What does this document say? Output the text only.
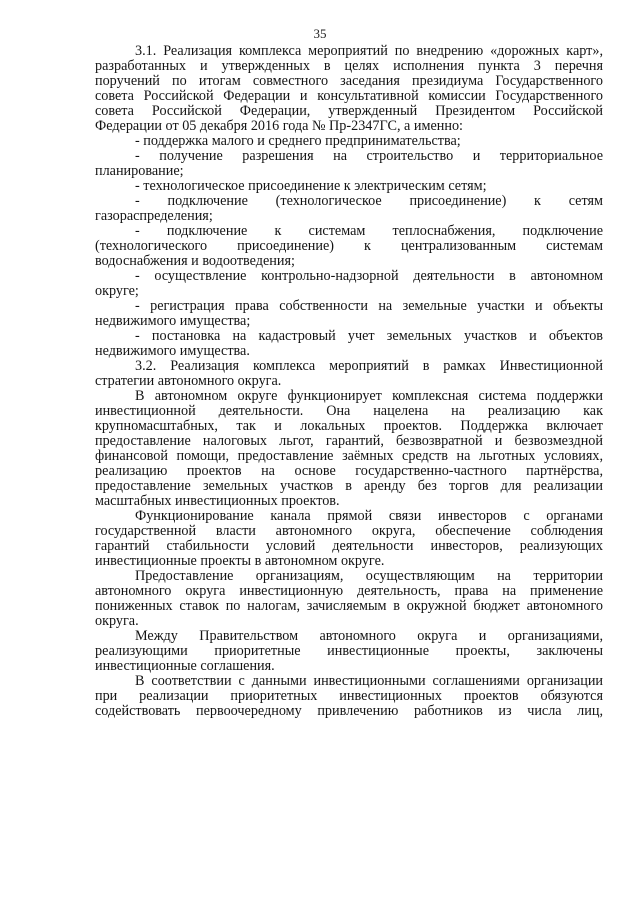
35
3.1. Реализация комплекса мероприятий по внедрению «дорожных карт»,
разработанных и утвержденных в целях исполнения пункта 3 перечня
поручений по итогам совместного заседания президиума Государственного
совета Российской Федерации и консультативной комиссии Государственного
совета Российской Федерации, утвержденный Президентом Российской
Федерации от 05 декабря 2016 года № Пр-2347ГС, а именно:
- поддержка малого и среднего предпринимательства;
- получение разрешения на строительство и территориальное
планирование;
- технологическое присоединение к электрическим сетям;
- подключение (технологическое присоединение) к сетям
газораспределения;
- подключение к системам теплоснабжения, подключение
(технологического присоединение) к централизованным системам
водоснабжения и водоотведения;
- осуществление контрольно-надзорной деятельности в автономном
округе;
- регистрация права собственности на земельные участки и объекты
недвижимого имущества;
- постановка на кадастровый учет земельных участков и объектов
недвижимого имущества.
3.2. Реализация комплекса мероприятий в рамках Инвестиционной
стратегии автономного округа.
В автономном округе функционирует комплексная система поддержки
инвестиционной деятельности. Она нацелена на реализацию как
крупномасштабных, так и локальных проектов. Поддержка включает
предоставление налоговых льгот, гарантий, безвозвратной и безвозмездной
финансовой помощи, предоставление заёмных средств на льготных условиях,
реализацию проектов на основе государственно-частного партнёрства,
предоставление земельных участков в аренду без торгов для реализации
масштабных инвестиционных проектов.
Функционирование канала прямой связи инвесторов с органами
государственной власти автономного округа, обеспечение соблюдения
гарантий стабильности условий деятельности инвесторов, реализующих
инвестиционные проекты в автономном округе.
Предоставление организациям, осуществляющим на территории
автономного округа инвестиционную деятельность, права на применение
пониженных ставок по налогам, зачисляемым в окружной бюджет автономного
округа.
Между Правительством автономного округа и организациями,
реализующими приоритетные инвестиционные проекты, заключены
инвестиционные соглашения.
В соответствии с данными инвестиционными соглашениями организации
при реализации приоритетных инвестиционных проектов обязуются
содействовать первоочередному привлечению работников из числа лиц,
